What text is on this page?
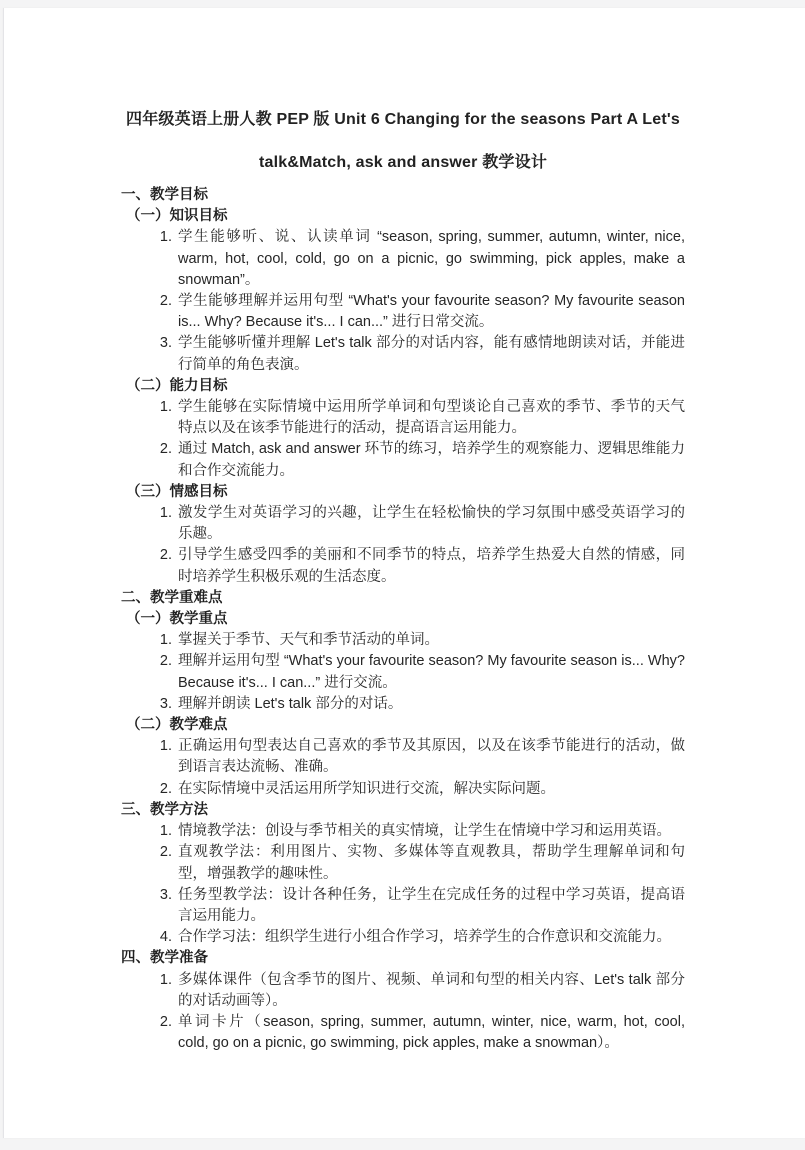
四年级英语上册人教 PEP 版 Unit 6 Changing for the seasons Part A Let's
talk&Match, ask and answer 教学设计
一、教学目标
（一）知识目标
1. 学生能够听、说、认读单词 “season, spring, summer, autumn, winter, nice, warm, hot, cool, cold, go on a picnic, go swimming, pick apples, make a snowman”。
2. 学生能够理解并运用句型 “What's your favourite season? My favourite season is... Why? Because it's... I can...” 进行日常交流。
3. 学生能够听懂并理解 Let's talk 部分的对话内容，能有感情地朗读对话，并能进行简单的角色表演。
（二）能力目标
1. 学生能够在实际情境中运用所学单词和句型谈论自己喜欢的季节、季节的天气特点以及在该季节能进行的活动，提高语言运用能力。
2. 通过 Match, ask and answer 环节的练习，培养学生的观察能力、逻辑思维能力和合作交流能力。
（三）情感目标
1. 激发学生对英语学习的兴趣，让学生在轻松愉快的学习氛围中感受英语学习的乐趣。
2. 引导学生感受四季的美丽和不同季节的特点，培养学生热爱大自然的情感，同时培养学生积极乐观的生活态度。
二、教学重难点
（一）教学重点
1. 掌握关于季节、天气和季节活动的单词。
2. 理解并运用句型 “What's your favourite season? My favourite season is... Why? Because it's... I can...” 进行交流。
3. 理解并朗读 Let's talk 部分的对话。
（二）教学难点
1. 正确运用句型表达自己喜欢的季节及其原因，以及在该季节能进行的活动，做到语言表达流畅、准确。
2. 在实际情境中灵活运用所学知识进行交流，解决实际问题。
三、教学方法
1. 情境教学法：创设与季节相关的真实情境，让学生在情境中学习和运用英语。
2. 直观教学法：利用图片、实物、多媒体等直观教具，帮助学生理解单词和句型，增强教学的趣味性。
3. 任务型教学法：设计各种任务，让学生在完成任务的过程中学习英语，提高语言运用能力。
4. 合作学习法：组织学生进行小组合作学习，培养学生的合作意识和交流能力。
四、教学准备
1. 多媒体课件（包含季节的图片、视频、单词和句型的相关内容、Let's talk 部分的对话动画等）。
2. 单词卡片（season, spring, summer, autumn, winter, nice, warm, hot, cool, cold, go on a picnic, go swimming, pick apples, make a snowman）。
